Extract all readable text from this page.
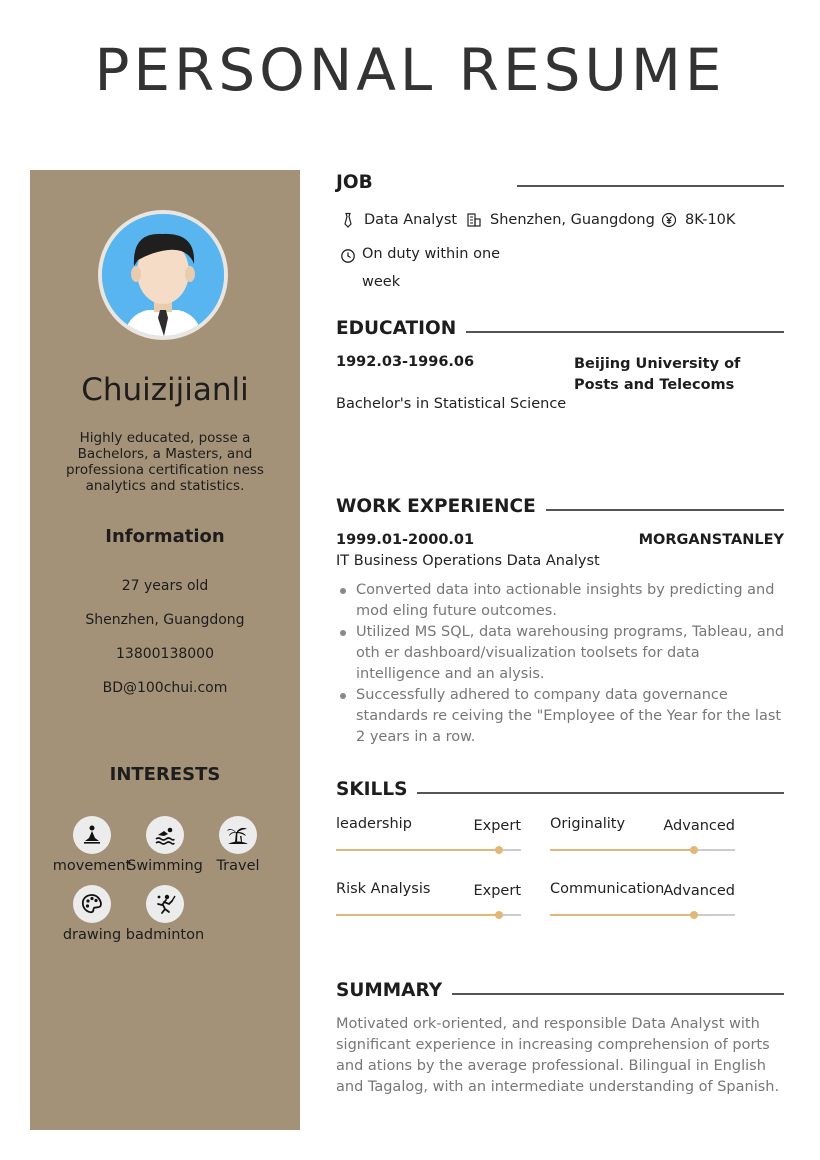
PERSONAL RESUME
Chuizijianli
Highly educated, posse a Bachelors, a Masters, and professiona certification ness analytics and statistics.
Information
27 years old
Shenzhen, Guangdong
13800138000
BD@100chui.com
INTERESTS
movement
Swimming Travel
drawing badminton
JOB
Data Analyst Shenzhen, Guangdong 8K-10K
On duty within one week
EDUCATION
1992.03-1996.06	Beijing University of Posts and Telecoms
Bachelor's in Statistical Science
WORK EXPERIENCE
1999.01-2000.01	MORGANSTANLEY
IT Business Operations Data Analyst
Converted data into actionable insights by predicting and mod eling future outcomes.
Utilized MS SQL, data warehousing programs, Tableau, and oth er dashboard/visualization toolsets for data intelligence and an alysis.
Successfully adhered to company data governance standards re ceiving the "Employee of the Year for the last 2 years in a row.
SKILLS
leadership	Expert Originality	Advanced
Risk Analysis	Expert Communication Advanced
SUMMARY
Motivated ork-oriented, and responsible Data Analyst with significant experience in increasing comprehension of ports and ations by the average professional. Bilingual in English and Tagalog, with an intermediate understanding of Spanish.
